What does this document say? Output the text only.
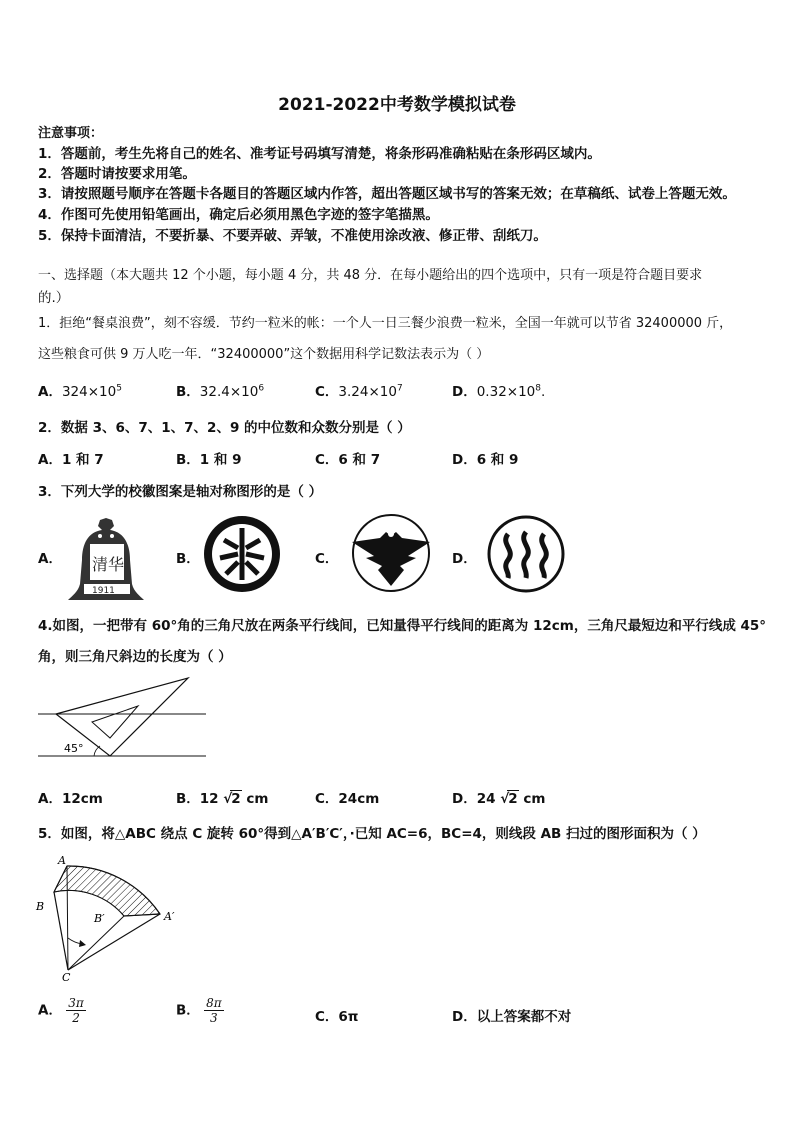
2021-2022中考数学模拟试卷
注意事项：
1．答题前，考生先将自己的姓名、准考证号码填写清楚，将条形码准确粘贴在条形码区域内。
2．答题时请按要求用笔。
3．请按照题号顺序在答题卡各题目的答题区域内作答，超出答题区域书写的答案无效；在草稿纸、试卷上答题无效。
4．作图可先使用铅笔画出，确定后必须用黑色字迹的签字笔描黑。
5．保持卡面清洁，不要折暴、不要弄破、弄皱，不准使用涂改液、修正带、刮纸刀。
一、选择题（本大题共 12 个小题，每小题 4 分，共 48 分．在每小题给出的四个选项中，只有一项是符合题目要求
的.）
1．拒绝“餐桌浪费”，刻不容缓．节约一粒米的帐：一个人一日三餐少浪费一粒米，全国一年就可以节省 32400000 斤，
这些粮食可供 9 万人吃一年．“32400000”这个数据用科学记数法表示为（ ）
A．$324\times 10^5$	B．$32.4\times 10^6$	C．$3.24\times 10^7$	D．$0.32\times 10^8$.
2．数据 3、6、7、1、7、2、9 的中位数和众数分别是（ ）
A．1 和 7	B．1 和 9	C．6 和 7	D．6 和 9
3．下列大学的校徽图案是轴对称图形的是（ ）
A．	B．	C．	D．
清华
1911
4.如图，一把带有 60°角的三角尺放在两条平行线间，已知量得平行线间的距离为 12cm，三角尺最短边和平行线成 45°
角，则三角尺斜边的长度为（ ）
45°
A．12cm	B．12 √2 cm	C．24cm	D．24 √2 cm
5．如图，将△ABC 绕点 C 旋转 60°得到△A′B′C′，·已知 AC=6，BC=4，则线段 AB 扫过的图形面积为（ ）
A
B
B′	A′
C
A． $\frac{3\pi}{2}$	B． $\frac{8\pi}{3}$	C．6π	D．以上答案都不对
